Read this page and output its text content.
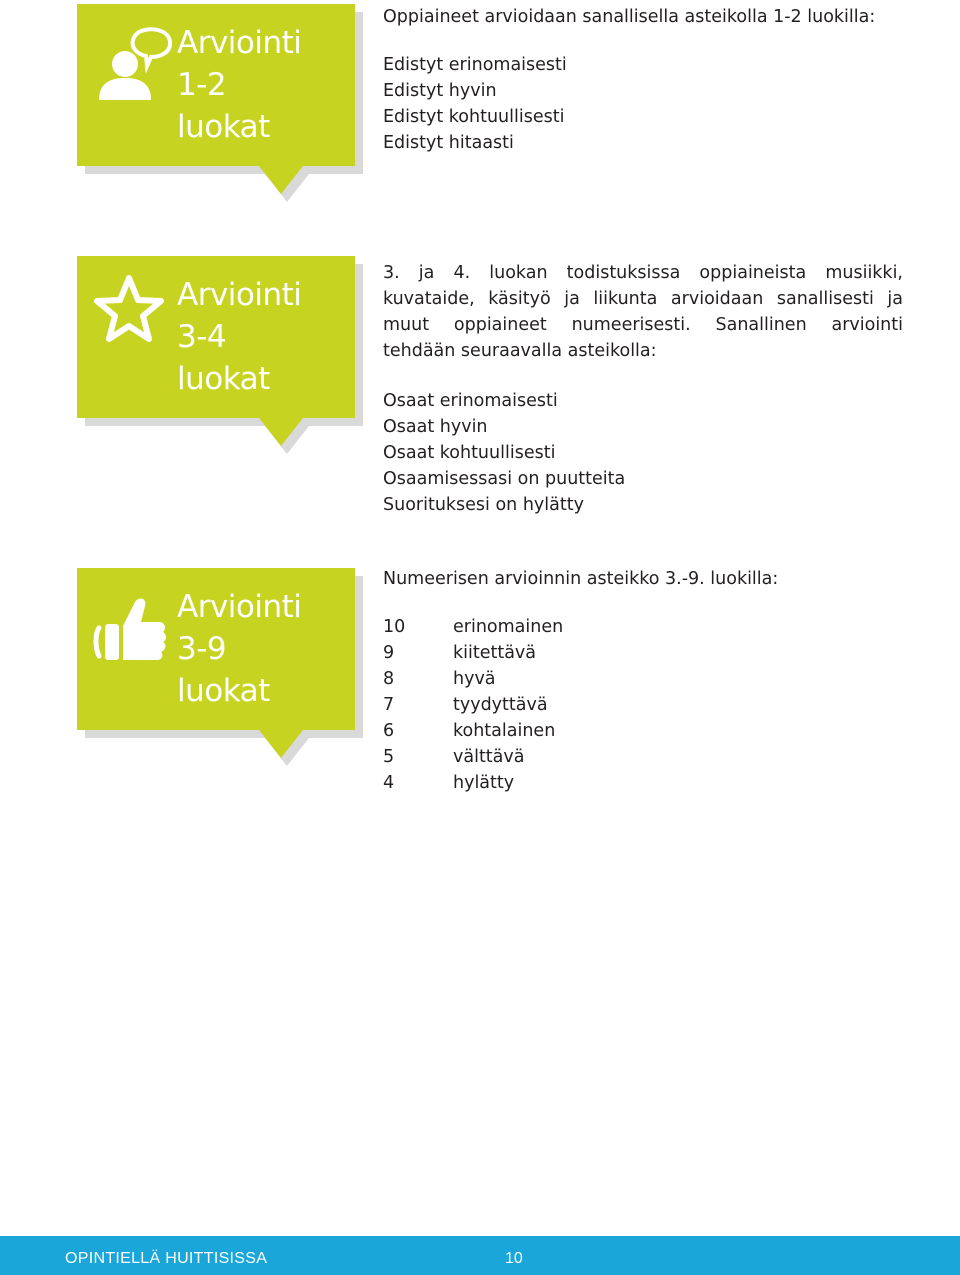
Arviointi
1-2
luokat

Oppiaineet arvioidaan sanallisella asteikolla 1-2 luokilla:

Edistyt erinomaisesti

Edistyt hyvin

Edistyt kohtuullisesti

Edistyt hitaasti

Arviointi
3-4
luokat

3. ja 4. luokan todistuksissa oppiaineista musiikki, kuvataide, käsityö ja liikunta arvioidaan sanallisesti ja muut oppiaineet numeerisesti. Sanallinen arviointi tehdään seuraavalla asteikolla:

Osaat erinomaisesti

Osaat hyvin

Osaat kohtuullisesti

Osaamisessasi on puutteita

Suorituksesi on hylätty

Arviointi
3-9
luokat

Numeerisen arvioinnin asteikko 3.-9. luokilla:

10	erinomainen
9	kiitettävä
8	hyvä
7	tyydyttävä
6	kohtalainen
5	välttävä
4	hylätty
OPINTIELLÄ HUITTISISSA	10
